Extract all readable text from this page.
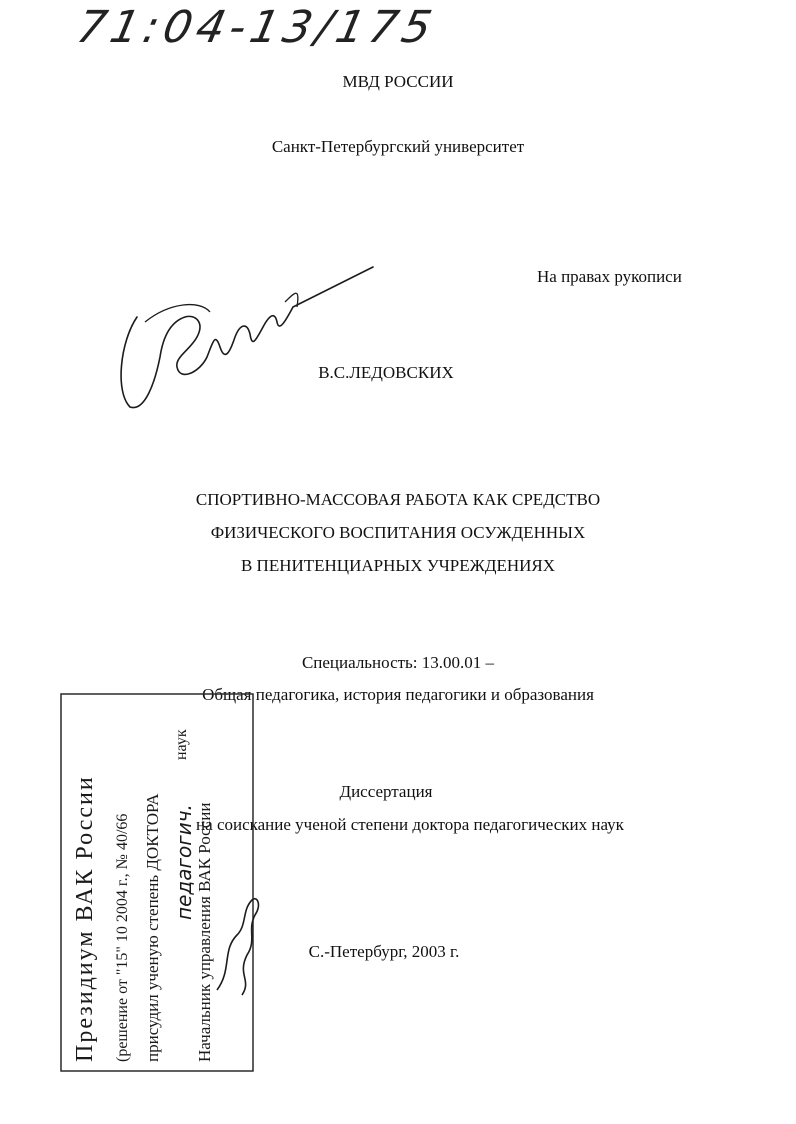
71:04-13/175
МВД РОССИИ
Санкт-Петербургский университет
На правах рукописи
В.С.ЛЕДОВСКИХ
СПОРТИВНО-МАССОВАЯ РАБОТА КАК СРЕДСТВО
ФИЗИЧЕСКОГО ВОСПИТАНИЯ ОСУЖДЕННЫХ
В ПЕНИТЕНЦИАРНЫХ УЧРЕЖДЕНИЯХ
Специальность: 13.00.01 –
Общая педагогика, история педагогики и образования
Диссертация
на соискание ученой степени доктора педагогических наук
С.-Петербург, 2003 г.
Президиум ВАК России (решение от "15" 10 2004 г., № 40/66 присудил ученую степень ДОКТОРА
наук
педагогич. Начальник управления ВАК России
